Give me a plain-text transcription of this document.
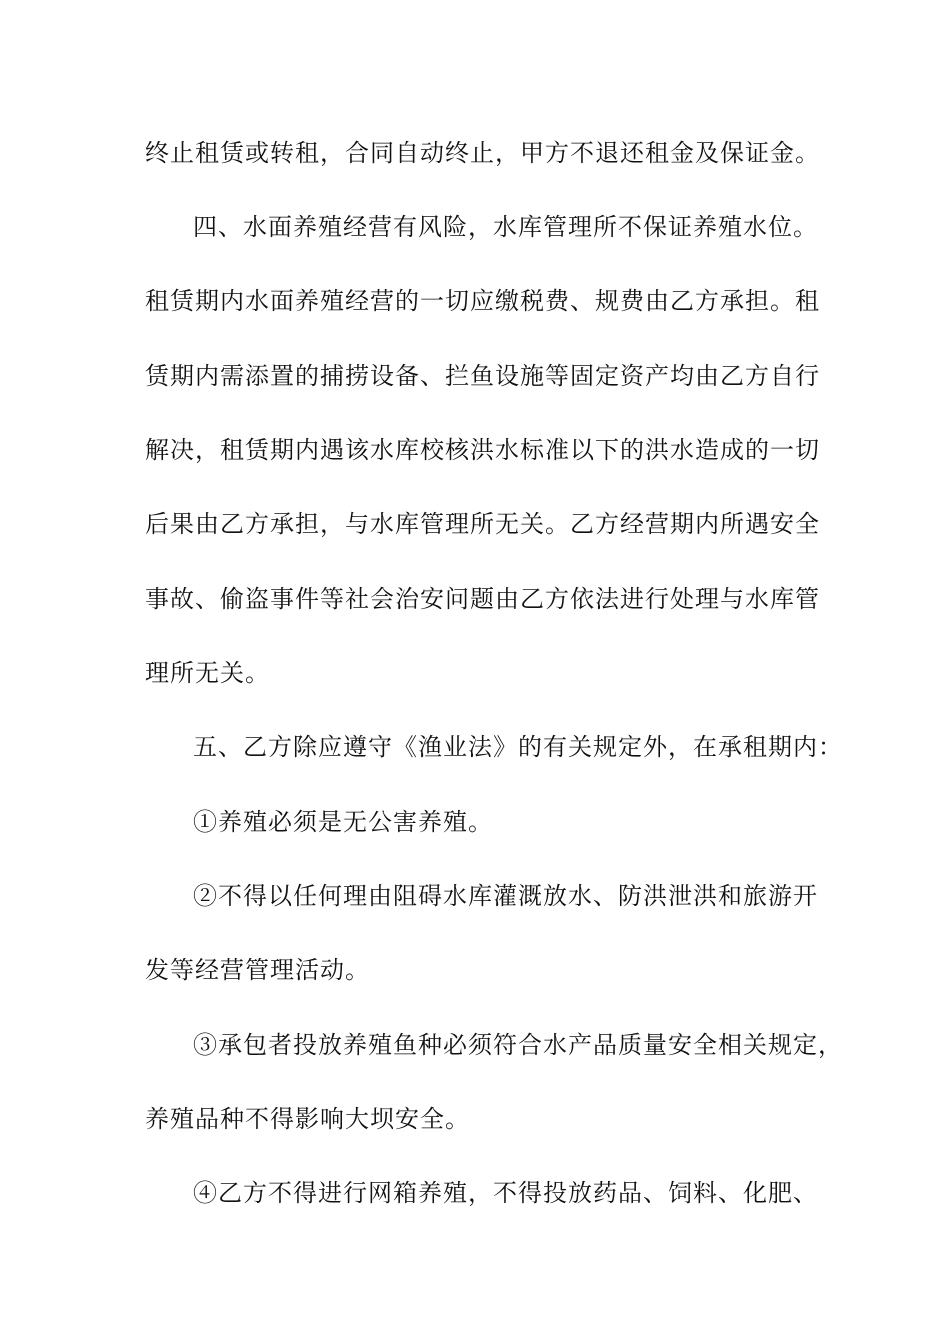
终止租赁或转租，合同自动终止，甲方不退还租金及保证金。
四、水面养殖经营有风险，水库管理所不保证养殖水位。
租赁期内水面养殖经营的一切应缴税费、规费由乙方承担。租
赁期内需添置的捕捞设备、拦鱼设施等固定资产均由乙方自行
解决，租赁期内遇该水库校核洪水标准以下的洪水造成的一切
后果由乙方承担，与水库管理所无关。乙方经营期内所遇安全
事故、偷盗事件等社会治安问题由乙方依法进行处理与水库管
理所无关。
五、乙方除应遵守《渔业法》的有关规定外，在承租期内：
①养殖必须是无公害养殖。
②不得以任何理由阻碍水库灌溉放水、防洪泄洪和旅游开
发等经营管理活动。
③承包者投放养殖鱼种必须符合水产品质量安全相关规定，
养殖品种不得影响大坝安全。
④乙方不得进行网箱养殖，不得投放药品、饲料、化肥、
